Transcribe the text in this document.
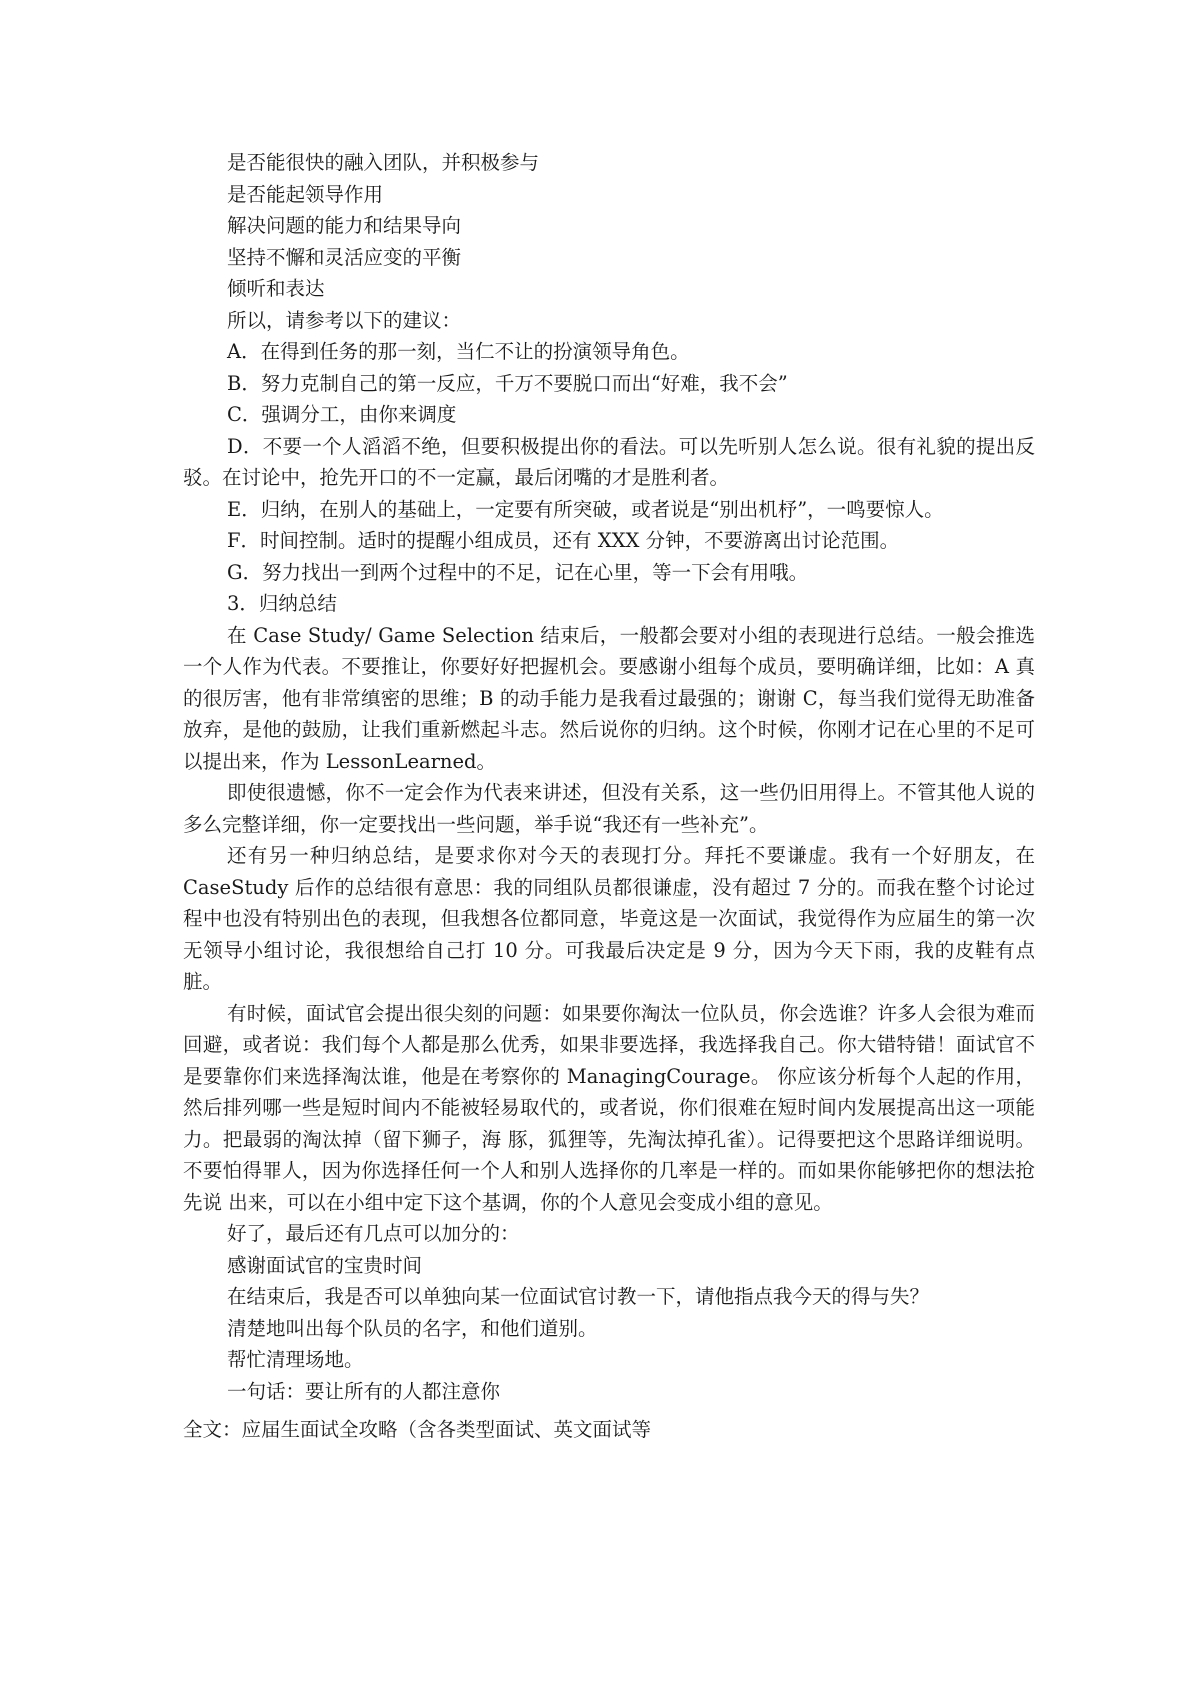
是否能很快的融入团队，并积极参与

是否能起领导作用

解决问题的能力和结果导向

坚持不懈和灵活应变的平衡

倾听和表达

所以，请参考以下的建议：

A．在得到任务的那一刻，当仁不让的扮演领导角色。

B．努力克制自己的第一反应，千万不要脱口而出“好难，我不会”

C．强调分工，由你来调度

D．不要一个人滔滔不绝，但要积极提出你的看法。可以先听别人怎么说。很有礼貌的提出反驳。在讨论中，抢先开口的不一定赢，最后闭嘴的才是胜利者。

E．归纳，在别人的基础上，一定要有所突破，或者说是“别出机杼”，一鸣要惊人。

F．时间控制。适时的提醒小组成员，还有 XXX 分钟，不要游离出讨论范围。

G．努力找出一到两个过程中的不足，记在心里，等一下会有用哦。

3．归纳总结

在 Case Study/ Game Selection 结束后，一般都会要对小组的表现进行总结。一般会推选一个人作为代表。不要推让，你要好好把握机会。要感谢小组每个成员，要明确详细，比如：A 真的很厉害，他有非常缜密的思维；B 的动手能力是我看过最强的；谢谢 C，每当我们觉得无助准备放弃，是他的鼓励，让我们重新燃起斗志。然后说你的归纳。这个时候，你刚才记在心里的不足可以提出来，作为 LessonLearned。

即使很遗憾，你不一定会作为代表来讲述，但没有关系，这一些仍旧用得上。不管其他人说的多么完整详细，你一定要找出一些问题，举手说“我还有一些补充”。

还有另一种归纳总结，是要求你对今天的表现打分。拜托不要谦虚。我有一个好朋友，在 CaseStudy 后作的总结很有意思：我的同组队员都很谦虚，没有超过 7 分的。而我在整个讨论过程中也没有特别出色的表现，但我想各位都同意，毕竟这是一次面试，我觉得作为应届生的第一次无领导小组讨论，我很想给自己打 10 分。可我最后决定是 9 分，因为今天下雨，我的皮鞋有点脏。

有时候，面试官会提出很尖刻的问题：如果要你淘汰一位队员，你会选谁？许多人会很为难而回避，或者说：我们每个人都是那么优秀，如果非要选择，我选择我自己。你大错特错！面试官不是要靠你们来选择淘汰谁，他是在考察你的 ManagingCourage。 你应该分析每个人起的作用，然后排列哪一些是短时间内不能被轻易取代的，或者说，你们很难在短时间内发展提高出这一项能力。把最弱的淘汰掉（留下狮子，海 豚，狐狸等，先淘汰掉孔雀）。记得要把这个思路详细说明。不要怕得罪人，因为你选择任何一个人和别人选择你的几率是一样的。而如果你能够把你的想法抢先说 出来，可以在小组中定下这个基调，你的个人意见会变成小组的意见。

好了，最后还有几点可以加分的：

感谢面试官的宝贵时间

在结束后，我是否可以单独向某一位面试官讨教一下，请他指点我今天的得与失？

清楚地叫出每个队员的名字，和他们道别。

帮忙清理场地。

一句话：要让所有的人都注意你

全文：应届生面试全攻略（含各类型面试、英文面试等
